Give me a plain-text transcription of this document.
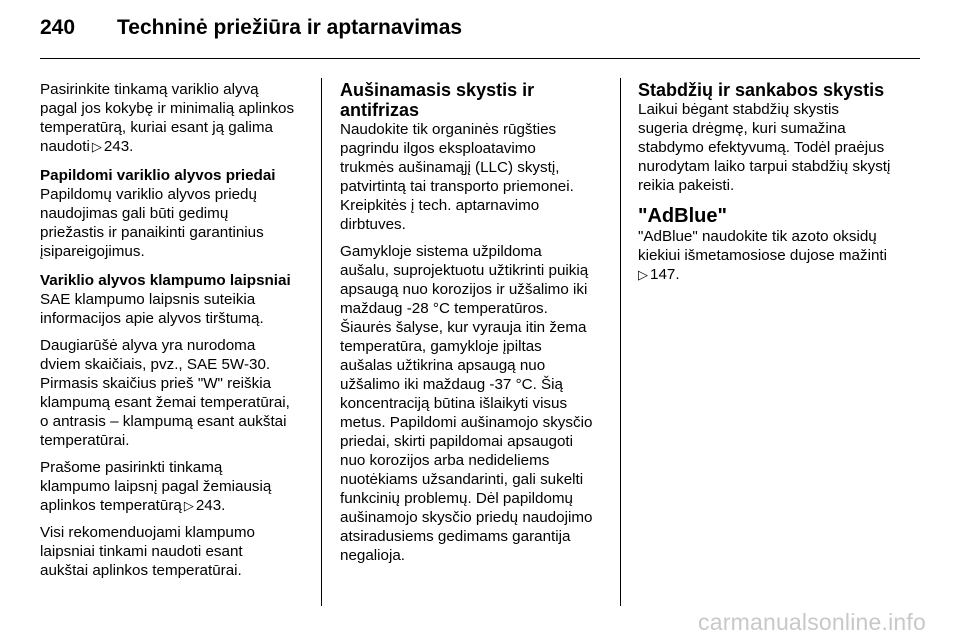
240 Techninė priežiūra ir aptarnavimas

Pasirinkite tinkamą variklio alyvą
pagal jos kokybę ir minimalią aplinkos
temperatūrą, kuriai esant ją galima
naudoti ▷ 243.

Papildomi variklio alyvos priedai

Papildomų variklio alyvos priedų
naudojimas gali būti gedimų
priežastis ir panaikinti garantinius
įsipareigojimus.

Variklio alyvos klampumo laipsniai

SAE klampumo laipsnis suteikia
informacijos apie alyvos tirštumą.

Daugiarūšė alyva yra nurodoma
dviem skaičiais, pvz., SAE 5W-30.
Pirmasis skaičius prieš "W" reiškia
klampumą esant žemai temperatūrai,
o antrasis – klampumą esant aukštai
temperatūrai.

Prašome pasirinkti tinkamą
klampumo laipsnį pagal žemiausią
aplinkos temperatūrą ▷ 243.

Visi rekomenduojami klampumo
laipsniai tinkami naudoti esant
aukštai aplinkos temperatūrai.

Aušinamasis skystis ir antifrizas

Naudokite tik organinės rūgšties
pagrindu ilgos eksploatavimo
trukmės aušinamąjį (LLC) skystį,
patvirtintą tai transporto priemonei.
Kreipkitės į tech. aptarnavimo
dirbtuves.

Gamykloje sistema užpildoma
aušalu, suprojektuotu užtikrinti puikią
apsaugą nuo korozijos ir užšalimo iki
maždaug -28 °C temperatūros.
Šiaurės šalyse, kur vyrauja itin žema
temperatūra, gamykloje įpiltas
aušalas užtikrina apsaugą nuo
užšalimo iki maždaug -37 °C. Šią
koncentraciją būtina išlaikyti visus
metus. Papildomi aušinamojo skysčio
priedai, skirti papildomai apsaugoti
nuo korozijos arba nedideliems
nuotėkiams užsandarinti, gali sukelti
funkcinių problemų. Dėl papildomų
aušinamojo skysčio priedų naudojimo
atsiradusiems gedimams garantija
negalioja.

Stabdžių ir sankabos skystis

Laikui bėgant stabdžių skystis
sugeria drėgmę, kuri sumažina
stabdymo efektyvumą. Todėl praėjus
nurodytam laiko tarpui stabdžių skystį
reikia pakeisti.

"AdBlue"

"AdBlue" naudokite tik azoto oksidų
kiekiui išmetamosiose dujose mažinti
▷ 147.

carmanualsonline.info
